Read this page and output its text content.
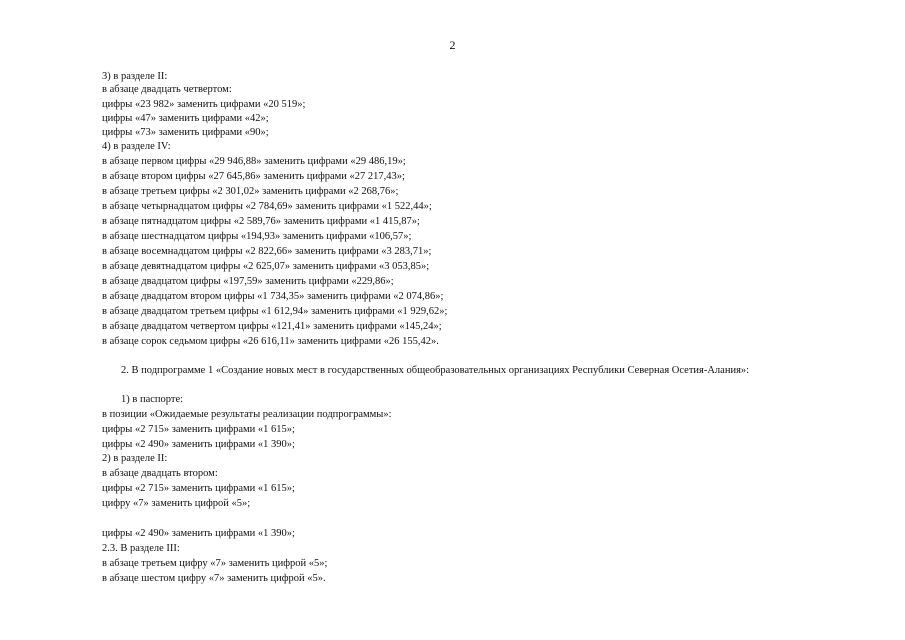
2
3) в разделе II:
в абзаце двадцать четвертом:
цифры «23 982» заменить цифрами «20 519»;
цифры «47» заменить цифрами «42»;
цифры «73» заменить цифрами «90»;
4) в разделе IV:
в абзаце первом цифры «29 946,88» заменить цифрами «29 486,19»;
в абзаце втором цифры «27 645,86» заменить цифрами «27 217,43»;
в абзаце третьем цифры «2 301,02» заменить цифрами «2 268,76»;
в абзаце четырнадцатом цифры «2 784,69» заменить цифрами «1 522,44»;
в абзаце пятнадцатом цифры «2 589,76» заменить цифрами «1 415,87»;
в абзаце шестнадцатом цифры «194,93» заменить цифрами «106,57»;
в абзаце восемнадцатом цифры «2 822,66» заменить цифрами «3 283,71»;
в абзаце девятнадцатом цифры «2 625,07» заменить цифрами «3 053,85»;
в абзаце двадцатом цифры «197,59» заменить цифрами «229,86»;
в абзаце двадцатом втором цифры «1 734,35» заменить цифрами «2 074,86»;
в абзаце двадцатом третьем цифры «1 612,94» заменить цифрами «1 929,62»;
в абзаце двадцатом четвертом цифры «121,41» заменить цифрами «145,24»;
в абзаце сорок седьмом цифры «26 616,11» заменить цифрами «26 155,42».
2. В подпрограмме 1 «Создание новых мест в государственных общеобразовательных организациях Республики Северная Осетия-Алания»:
1) в паспорте:
в позиции «Ожидаемые результаты реализации подпрограммы»:
цифры «2 715» заменить цифрами «1 615»;
цифры «2 490» заменить цифрами «1 390»;
2) в разделе II:
в абзаце двадцать втором:
цифры «2 715» заменить цифрами «1 615»;
цифру «7» заменить цифрой «5»;
цифры «2 490» заменить цифрами «1 390»;
2.3. В разделе III:
в абзаце третьем цифру «7» заменить цифрой «5»;
в абзаце шестом цифру «7» заменить цифрой «5».
